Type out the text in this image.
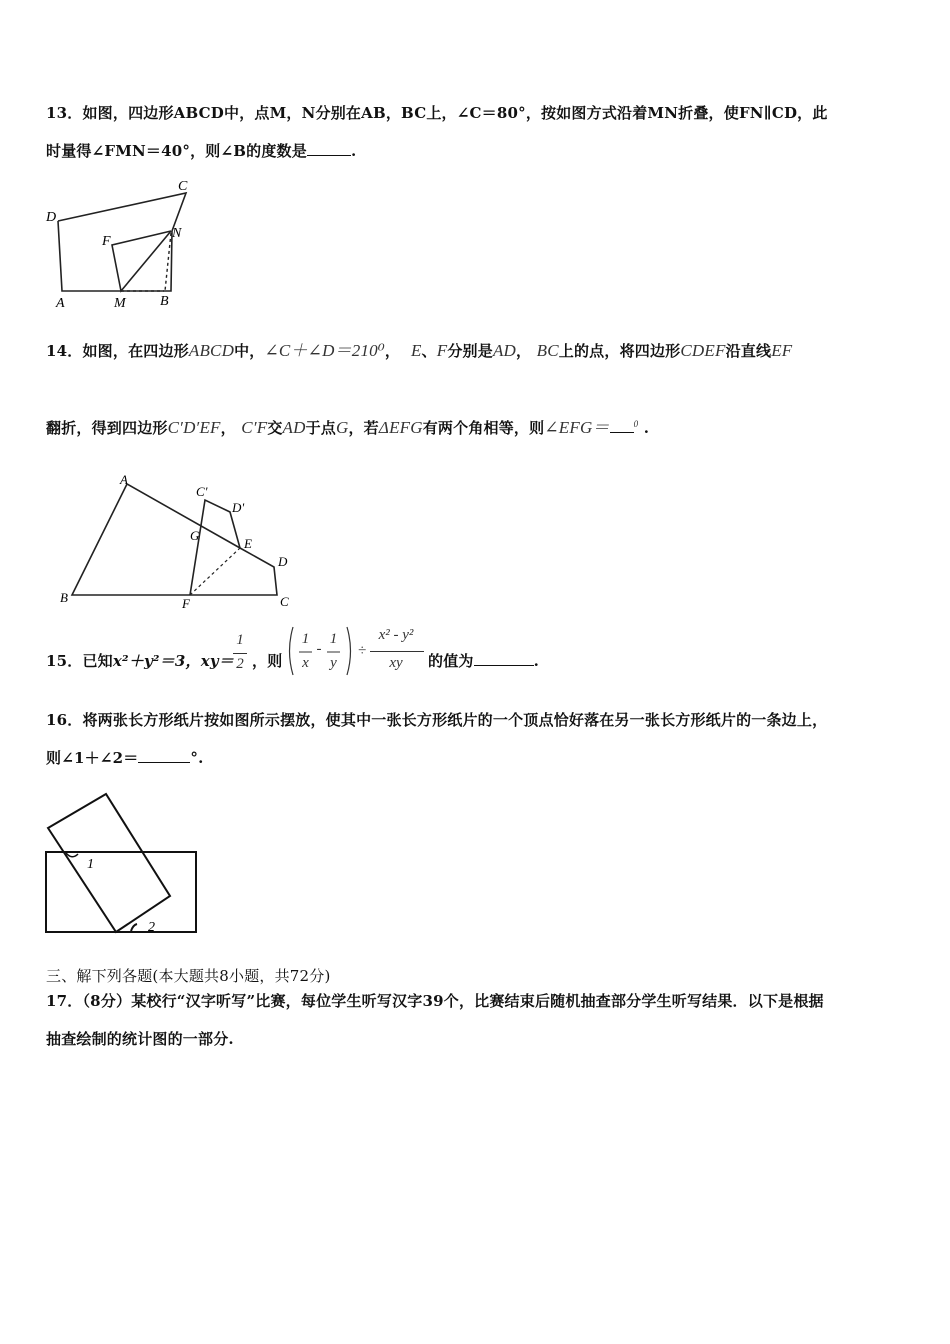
13．如图，四边形ABCD中，点M，N分别在AB，BC上，∠C＝80°，按如图方式沿着MN折叠，使FN∥CD，此
时量得∠FMN＝40°，则∠B的度数是	.
D
C
F
N
A	M B
14．如图，在四边形ABCD中，∠C＋∠D＝210⁰， E、F分别是AD， BC上的点，将四边形CDEF沿直线EF
翻折，得到四边形C′D′EF， C′F交AD于点G，若ΔEFG有两个角相等，则∠EFG＝	$^0$ .
A
B	C
D
E
F
G
C'
D'
15．已知x²＋y²＝3，xy＝
1
2 ，则
1
x
-
1
y
÷
x² - y²
xy	的值为	.
16．将两张长方形纸片按如图所示摆放，使其中一张长方形纸片的一个顶点恰好落在另一张长方形纸片的一条边上，
则∠1＋∠2＝	°.
1
2
三、解下列各题(本大题共8小题，共72分)
17．（8分）某校行“汉字听写”比赛，每位学生听写汉字39个，比赛结束后随机抽查部分学生听写结果．以下是根据
抽查绘制的统计图的一部分.
